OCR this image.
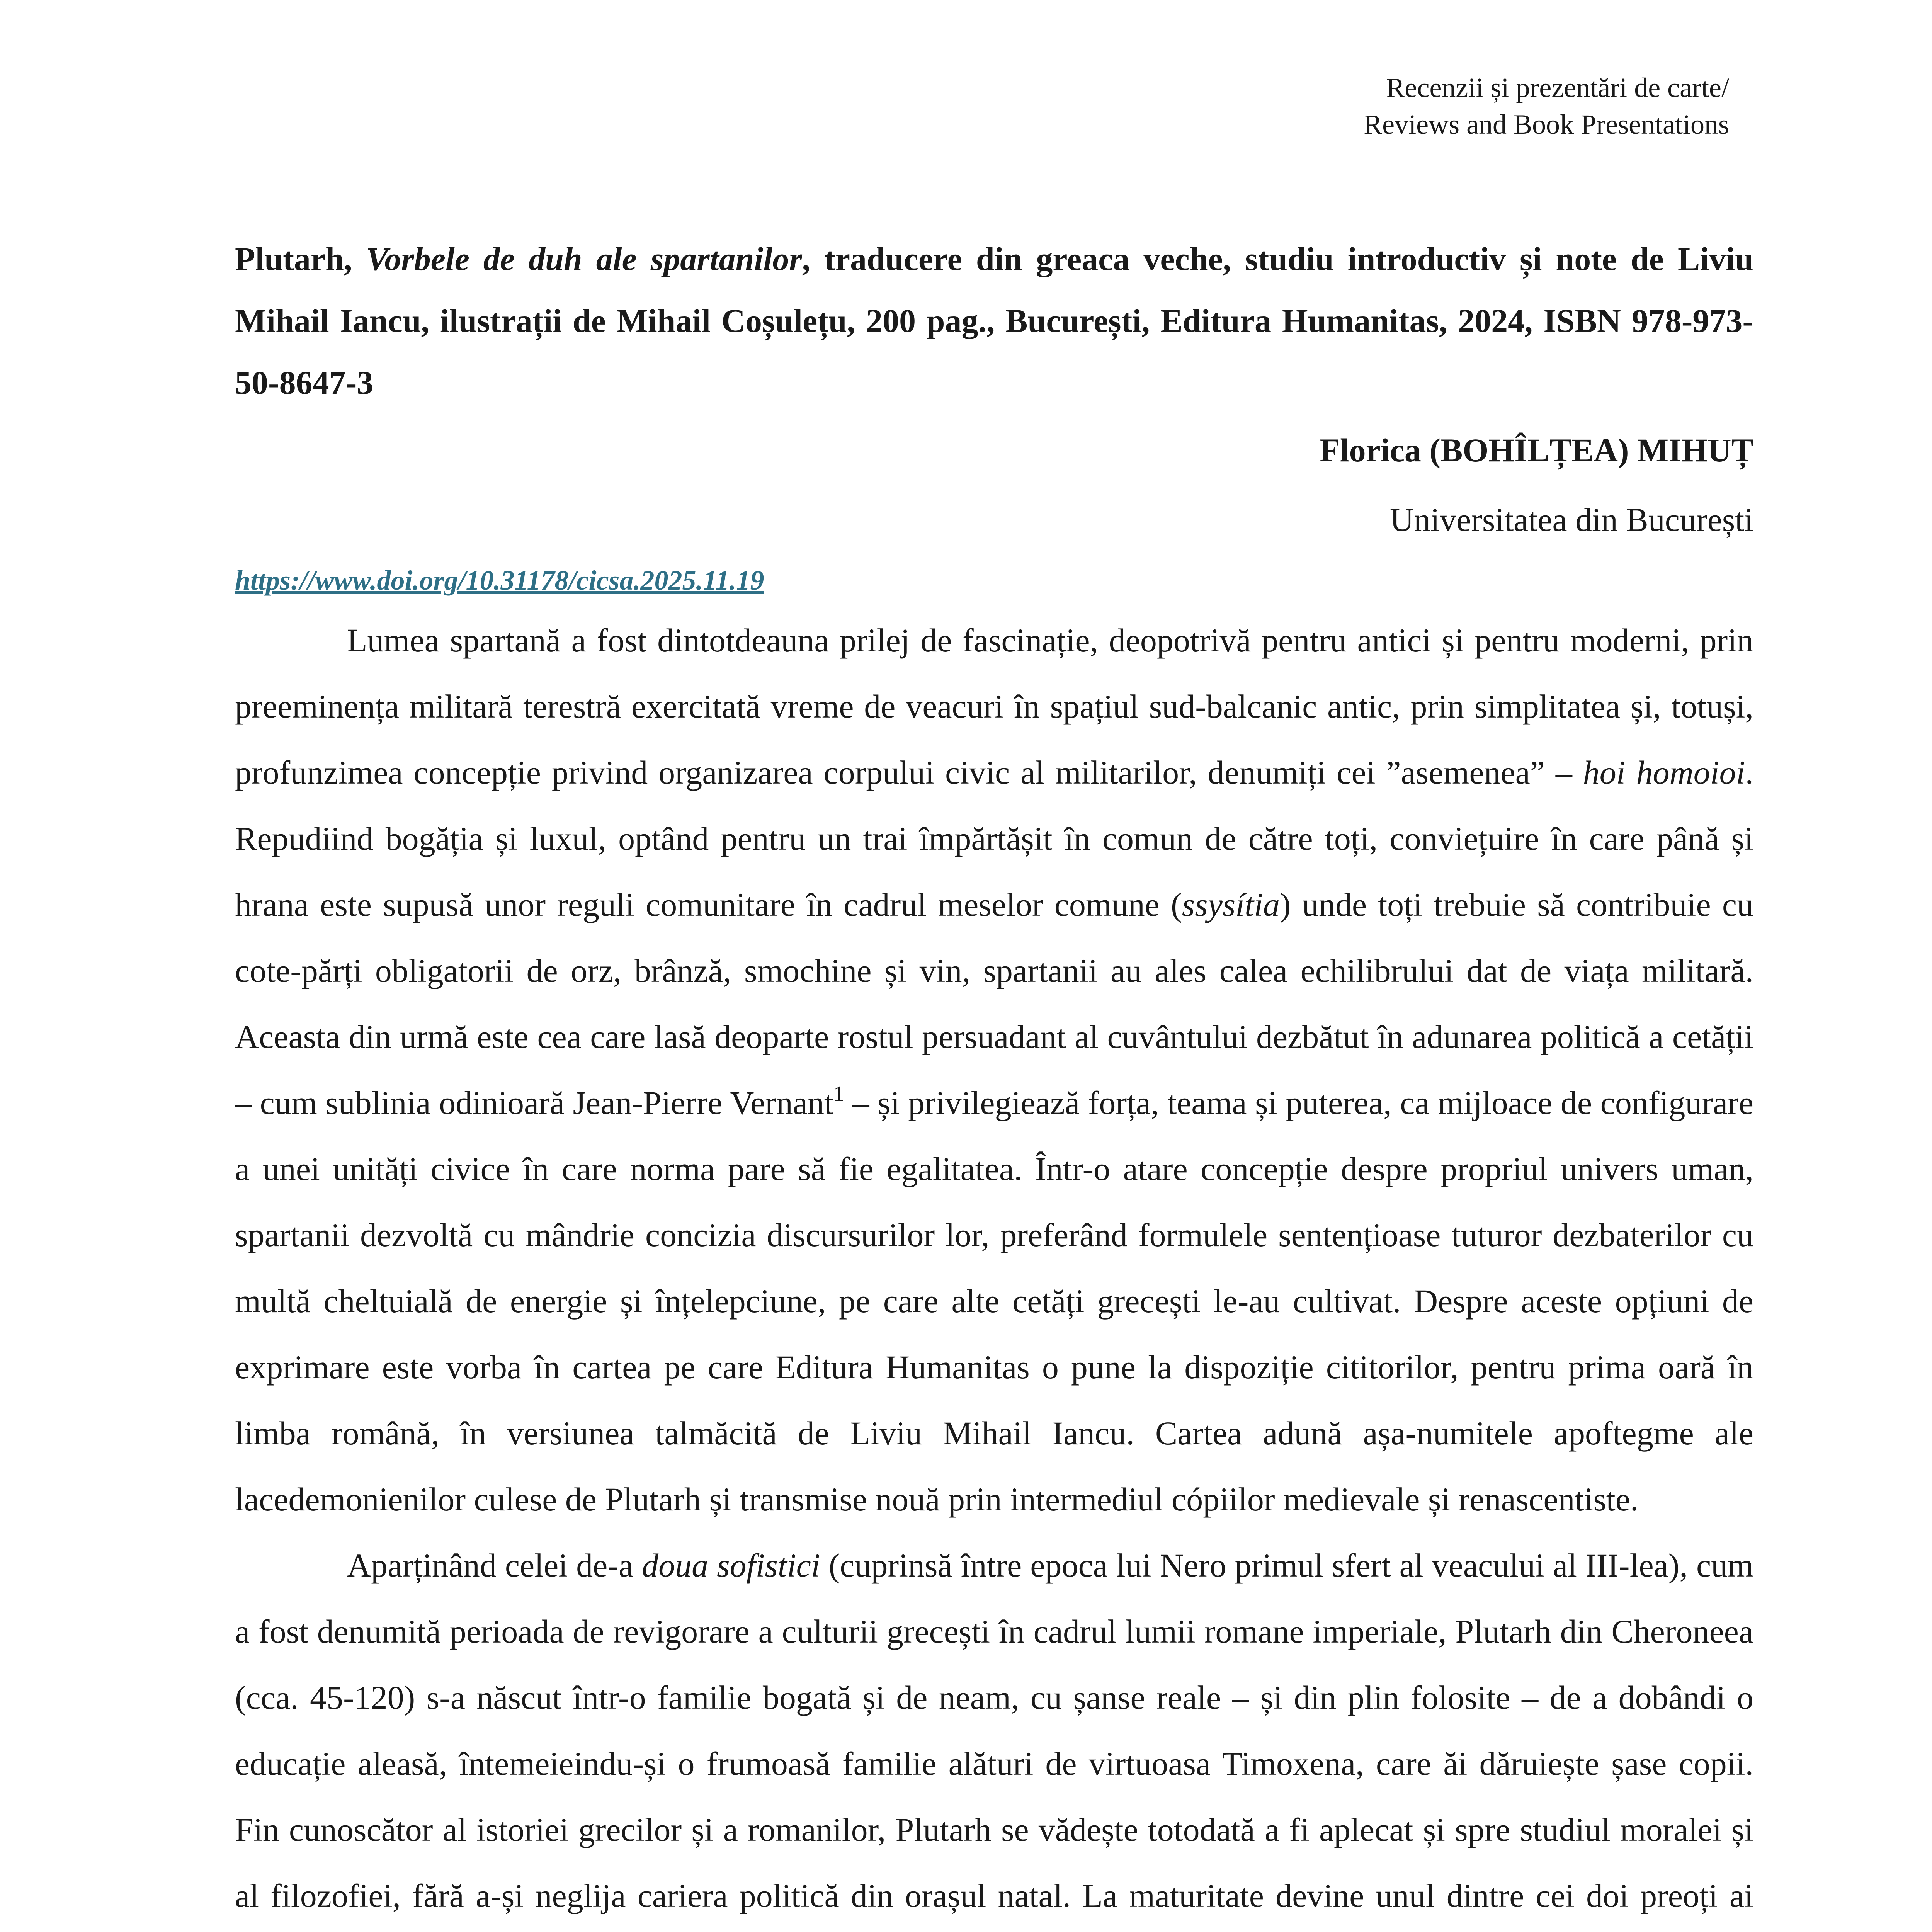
Recenzii și prezentări de carte/
Reviews and Book Presentations
Plutarh, Vorbele de duh ale spartanilor, traducere din greaca veche, studiu introductiv și note de Liviu Mihail Iancu, ilustrații de Mihail Coșulețu, 200 pag., București, Editura Humanitas, 2024, ISBN 978-973-50-8647-3
Florica (BOHÎLȚEA) MIHUȚ
Universitatea din București
https://www.doi.org/10.31178/cicsa.2025.11.19

Lumea spartană a fost dintotdeauna prilej de fascinație, deopotrivă pentru antici și pentru moderni, prin preeminența militară terestră exercitată vreme de veacuri în spațiul sud-balcanic antic, prin simplitatea și, totuși, profunzimea concepție privind organizarea corpului civic al militarilor, denumiți cei ”asemenea” – hoi homoioi. Repudiind bogăția și luxul, optând pentru un trai împărtășit în comun de către toți, conviețuire în care până și hrana este supusă unor reguli comunitare în cadrul meselor comune (ssysítia) unde toți trebuie să contribuie cu cote-părți obligatorii de orz, brânză, smochine și vin, spartanii au ales calea echilibrului dat de viața militară. Aceasta din urmă este cea care lasă deoparte rostul persuadant al cuvântului dezbătut în adunarea politică a cetății – cum sublinia odinioară Jean-Pierre Vernant$^1$ – și privilegiează forța, teama și puterea, ca mijloace de configurare a unei unități civice în care norma pare să fie egalitatea. Într-o atare concepție despre propriul univers uman, spartanii dezvoltă cu mândrie concizia discursurilor lor, preferând formulele sentențioase tuturor dezbaterilor cu multă cheltuială de energie și înțelepciune, pe care alte cetăți grecești le-au cultivat. Despre aceste opțiuni de exprimare este vorba în cartea pe care Editura Humanitas o pune la dispoziție cititorilor, pentru prima oară în limba română, în versiunea talmăcită de Liviu Mihail Iancu. Cartea adună așa-numitele apoftegme ale lacedemonienilor culese de Plutarh și transmise nouă prin intermediul cópiilor medievale și renascentiste.

Aparținând celei de-a doua sofistici (cuprinsă între epoca lui Nero primul sfert al veacului al III-lea), cum a fost denumită perioada de revigorare a culturii grecești în cadrul lumii romane imperiale, Plutarh din Cheroneea (cca. 45-120) s-a născut într-o familie bogată și de neam, cu șanse reale – și din plin folosite – de a dobândi o educație aleasă, întemeieindu-și o frumoasă familie alături de virtuoasa Timoxena, care ăi dăruiește șase copii. Fin cunoscător al istoriei grecilor și a romanilor, Plutarh se vădește totodată a fi aplecat și spre studiul moralei și al filozofiei, fără a-și neglija cariera politică din orașul natal. La maturitate devine unul dintre cei doi preoți ai
